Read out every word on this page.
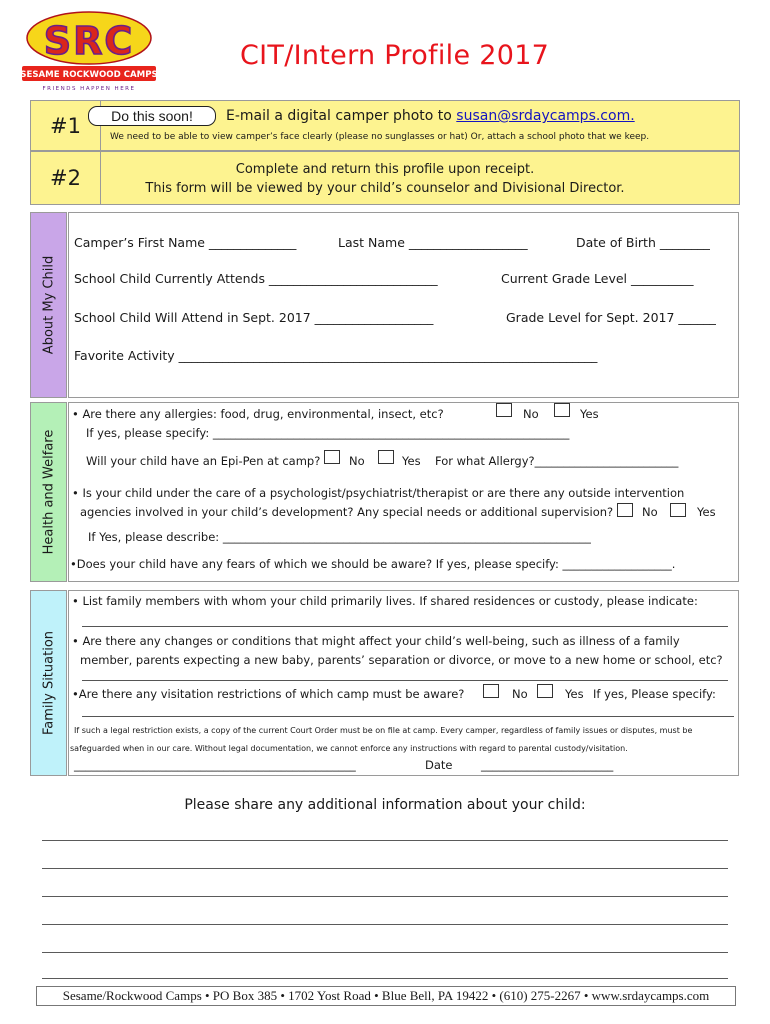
SRC
SESAME ROCKWOOD CAMPS
FRIENDS HAPPEN HERE
CIT/Intern Profile 2017
#1	Do this soon!	E-mail a digital camper photo to susan@srdaycamps.com.
We need to be able to view camper’s face clearly (please no sunglasses or hat) Or, attach a school photo that we keep.
#2	Complete and return this profile upon receipt.
This form will be viewed by your child’s counselor and Divisional Director.
About My Child
Health and Welfare
Family Situation
Camper’s First Name ______________	Last Name ___________________	Date of Birth ________
School Child Currently Attends ___________________________	Current Grade Level __________
School Child Will Attend in Sept. 2017 ___________________	Grade Level for Sept. 2017 ______
Favorite Activity ___________________________________________________________________
• Are there any allergies: food, drug, environmental, insect, etc?	No	Yes
If yes, please specify: ______________________________________________________________
Will your child have an Epi-Pen at camp? No	Yes For what Allergy?_________________________
• Is your child under the care of a psychologist/psychiatrist/therapist or are there any outside intervention
agencies involved in your child’s development? Any special needs or additional supervision?	No	Yes
If Yes, please describe: ________________________________________________________________
•Does your child have any fears of which we should be aware? If yes, please specify: ___________________.
• List family members with whom your child primarily lives. If shared residences or custody, please indicate:
• Are there any changes or conditions that might affect your child’s well-being, such as illness of a family
member, parents expecting a new baby, parents’ separation or divorce, or move to a new home or school, etc?
•Are there any visitation restrictions of which camp must be aware?	No	Yes If yes, Please specify:
If such a legal restriction exists, a copy of the current Court Order must be on file at camp. Every camper, regardless of family issues or disputes, must be
safeguarded when in our care. Without legal documentation, we cannot enforce any instructions with regard to parental custody/visitation.
_________________________________________________	Date _______________________
Please share any additional information about your child:
Sesame/Rockwood Camps • PO Box 385 • 1702 Yost Road • Blue Bell, PA 19422 • (610) 275-2267 • www.srdaycamps.com
